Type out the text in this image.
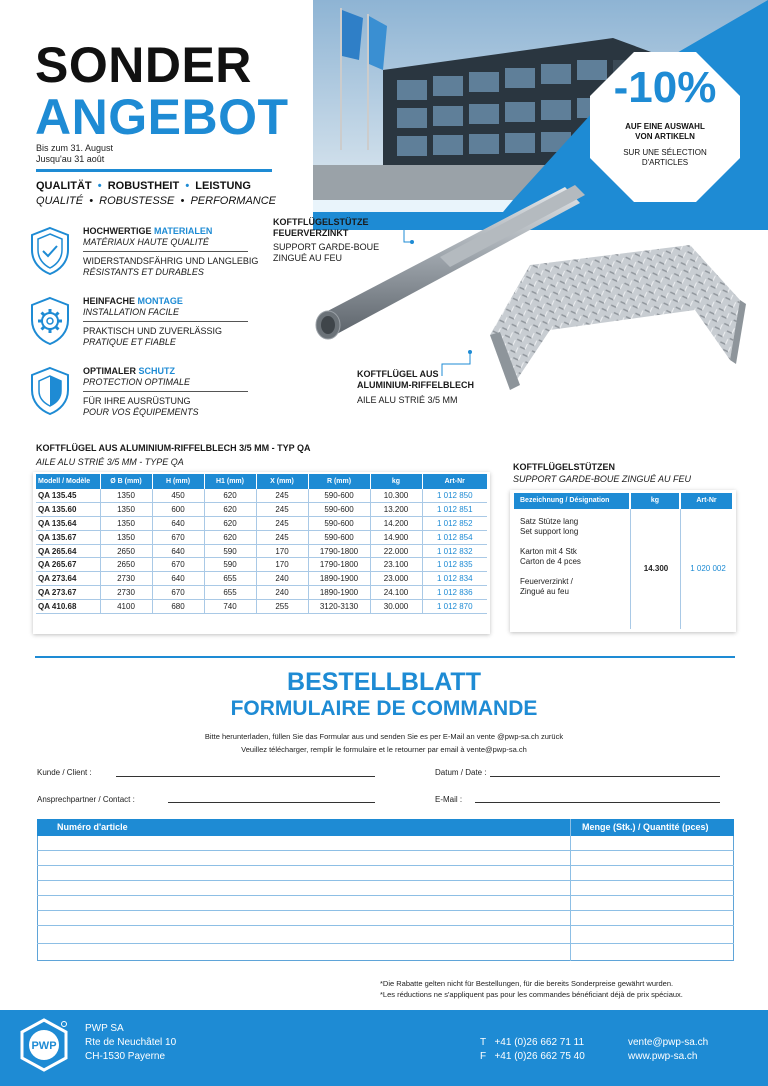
SONDER
ANGEBOT
Bis zum 31. August
Jusqu'au 31 août
QUALITÄT  •  ROBUSTHEIT  •  LEISTUNG
QUALITÉ  •  ROBUSTESSE  •  PERFORMANCE
-10%
AUF EINE AUSWAHL
VON ARTIKELN
SUR UNE SÉLECTION
D'ARTICLES
HOCHWERTIGE MATERIALEN
MATÉRIAUX HAUTE QUALITÉ
WIDERSTANDSFÄHRIG UND LANGLEBIG
RÉSISTANTS ET DURABLES
HEINFACHE MONTAGE
INSTALLATION FACILE
PRAKTISCH UND ZUVERLÄSSIG
PRATIQUE ET FIABLE
OPTIMALER SCHUTZ
PROTECTION OPTIMALE
FÜR IHRE AUSRÜSTUNG
POUR VOS ÉQUIPEMENTS
KOFTFLÜGELSTÜTZE
FEUERVERZINKT
SUPPORT GARDE-BOUE
ZINGUÉ AU FEU
KOFTFLÜGEL AUS
ALUMINIUM-RIFFELBLECH
AILE ALU STRIÉ 3/5 MM
KOFTFLÜGEL AUS ALUMINIUM-RIFFELBLECH 3/5 MM - TYP QA
AILE ALU STRIÉ 3/5 MM - TYPE QA
Modell / Modèle	Ø B (mm)	H (mm)	H1 (mm)	X (mm)	R (mm)	kg	Art-Nr
QA 135.45	1350	450	620	245	590-600	10.300	1 012 850
QA 135.60	1350	600	620	245	590-600	13.200	1 012 851
QA 135.64	1350	640	620	245	590-600	14.200	1 012 852
QA 135.67	1350	670	620	245	590-600	14.900	1 012 854
QA 265.64	2650	640	590	170	1790-1800	22.000	1 012 832
QA 265.67	2650	670	590	170	1790-1800	23.100	1 012 835
QA 273.64	2730	640	655	240	1890-1900	23.000	1 012 834
QA 273.67	2730	670	655	240	1890-1900	24.100	1 012 836
QA 410.68	4100	680	740	255	3120-3130	30.000	1 012 870
KOFTFLÜGELSTÜTZEN
SUPPORT GARDE-BOUE ZINGUÉ AU FEU
Bezeichnung / Désignation	kg	Art-Nr
Satz Stütze lang
Set support long
Karton mit 4 Stk
Carton de 4 pces
Feuerverzinkt /
Zingué au feu
14.300	1 020 002
BESTELLBLATT
FORMULAIRE DE COMMANDE
Bitte herunterladen, füllen Sie das Formular aus und senden Sie es per E-Mail an vente @pwp-sa.ch zurück
Veuillez télécharger, remplir le formulaire et le retourner par email à vente@pwp-sa.ch
Kunde / Client :	Datum / Date :
Ansprechpartner / Contact :	E-Mail :
Numéro d'article	Menge (Stk.) / Quantité (pces)
*Die Rabatte gelten nicht für Bestellungen, für die bereits Sonderpreise gewährt wurden.
*Les réductions ne s'appliquent pas pour les commandes bénéficiant déjà de prix spéciaux.
PWP
PWP SA
Rte de Neuchâtel 10
CH-1530 Payerne
T +41 (0)26 662 71 11
F +41 (0)26 662 75 40
vente@pwp-sa.ch
www.pwp-sa.ch
